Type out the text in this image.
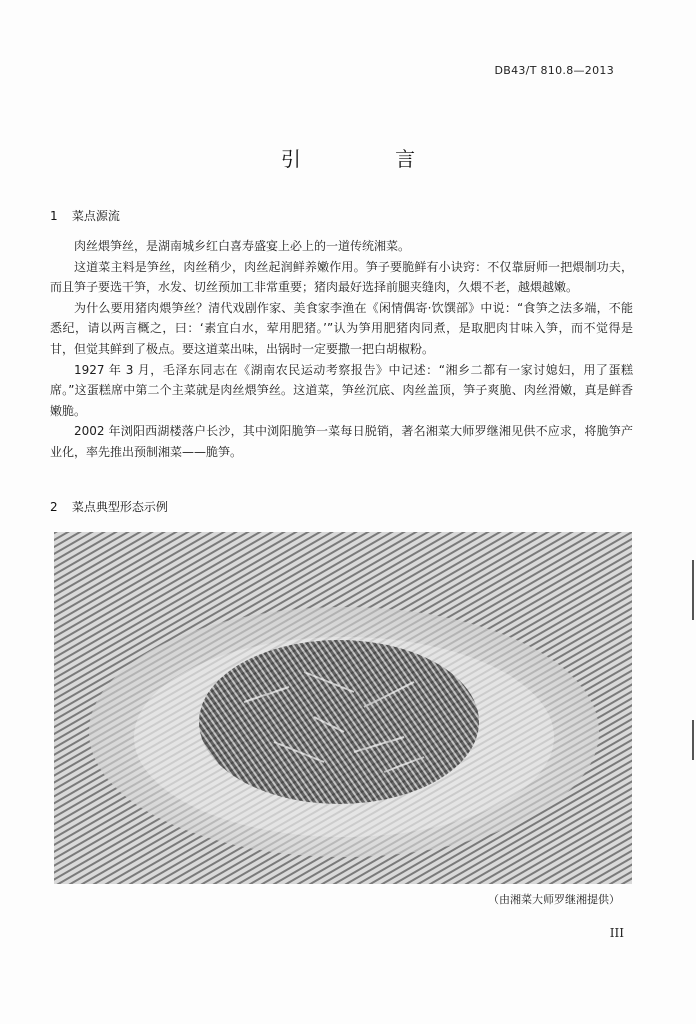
DB43/T 810.8—2013
引 言
1 菜点源流

肉丝煨笋丝，是湖南城乡红白喜寿盛宴上必上的一道传统湘菜。

这道菜主料是笋丝，肉丝稍少，肉丝起润鲜养嫩作用。笋子要脆鲜有小诀窍：不仅靠厨师一把煨制功夫，而且笋子要选干笋，水发、切丝预加工非常重要；猪肉最好选择前腿夹缝肉，久煨不老，越煨越嫩。

为什么要用猪肉煨笋丝？清代戏剧作家、美食家李渔在《闲情偶寄·饮馔部》中说：“食笋之法多端，不能悉纪，请以两言概之，曰：‘素宜白水，荤用肥猪。’”认为笋用肥猪肉同煮，是取肥肉甘味入笋，而不觉得是甘，但觉其鲜到了极点。要这道菜出味，出锅时一定要撒一把白胡椒粉。

1927 年 3 月，毛泽东同志在《湖南农民运动考察报告》中记述：“湘乡二都有一家讨媳妇，用了蛋糕席。”这蛋糕席中第二个主菜就是肉丝煨笋丝。这道菜，笋丝沉底、肉丝盖顶，笋子爽脆、肉丝滑嫩，真是鲜香嫩脆。

2002 年浏阳西湖楼落户长沙，其中浏阳脆笋一菜每日脱销，著名湘菜大师罗继湘见供不应求，将脆笋产业化，率先推出预制湘菜——脆笋。

2 菜点典型形态示例
（由湘菜大师罗继湘提供）
III
